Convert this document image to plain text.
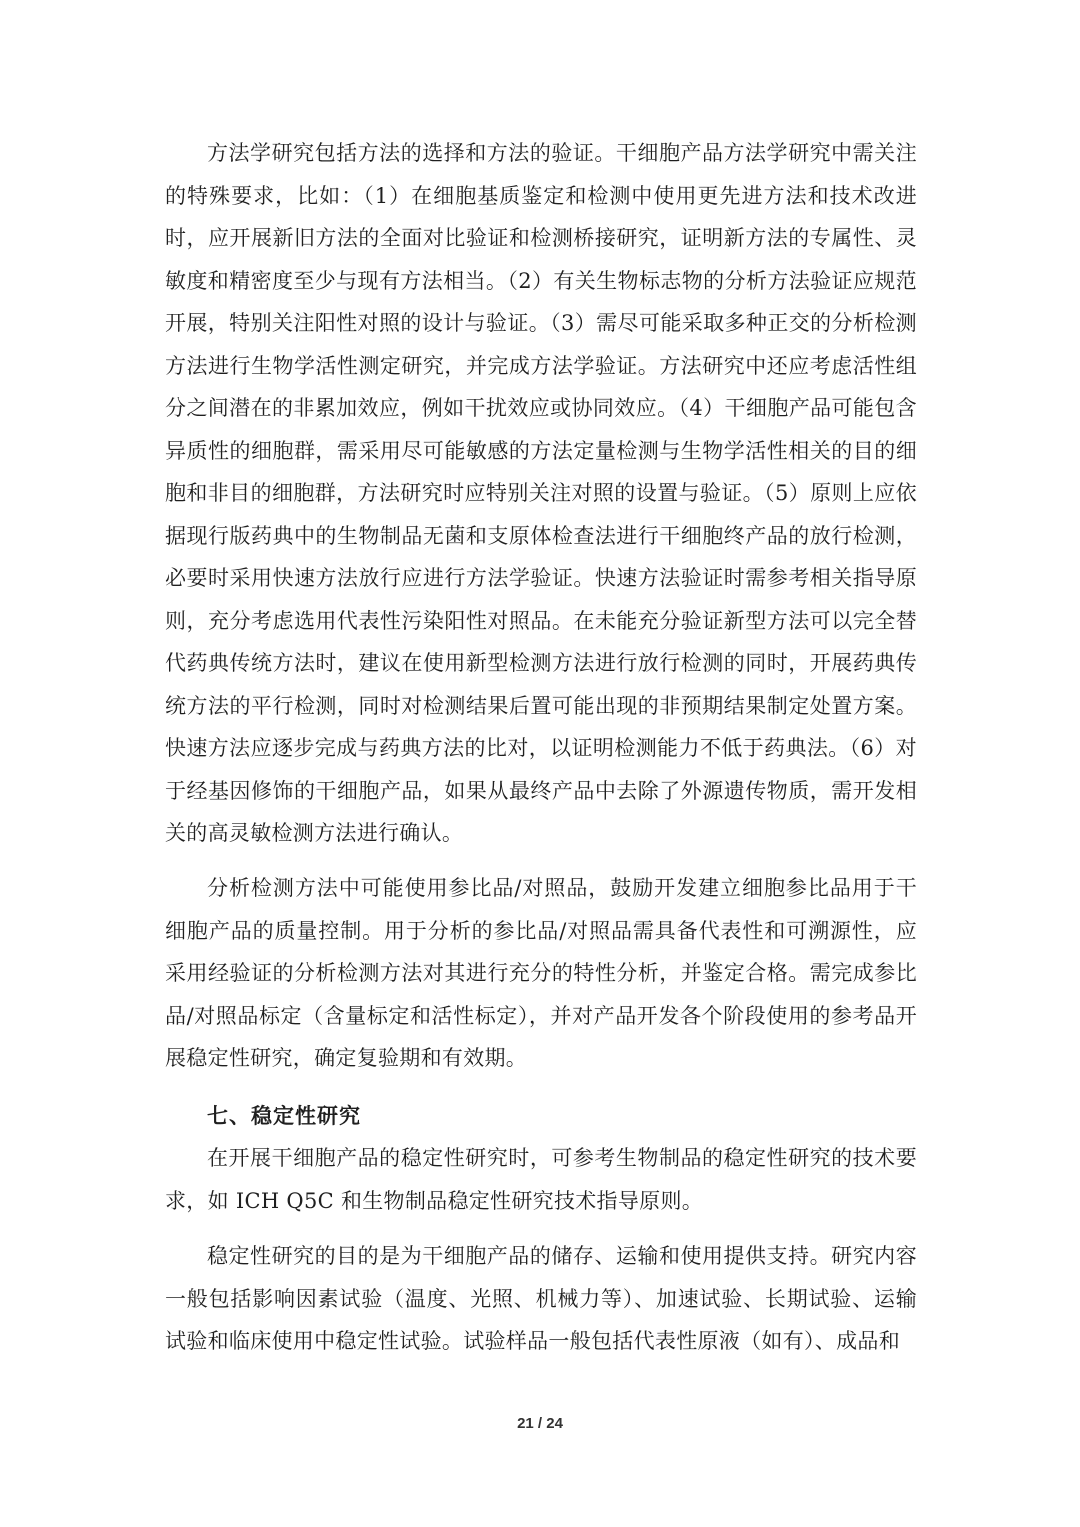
方法学研究包括方法的选择和方法的验证。干细胞产品方法学研究中需关注的特殊要求，比如：（1）在细胞基质鉴定和检测中使用更先进方法和技术改进时，应开展新旧方法的全面对比验证和检测桥接研究，证明新方法的专属性、灵敏度和精密度至少与现有方法相当。（2）有关生物标志物的分析方法验证应规范开展，特别关注阳性对照的设计与验证。（3）需尽可能采取多种正交的分析检测方法进行生物学活性测定研究，并完成方法学验证。方法研究中还应考虑活性组分之间潜在的非累加效应，例如干扰效应或协同效应。（4）干细胞产品可能包含异质性的细胞群，需采用尽可能敏感的方法定量检测与生物学活性相关的目的细胞和非目的细胞群，方法研究时应特别关注对照的设置与验证。（5）原则上应依据现行版药典中的生物制品无菌和支原体检查法进行干细胞终产品的放行检测，必要时采用快速方法放行应进行方法学验证。快速方法验证时需参考相关指导原则，充分考虑选用代表性污染阳性对照品。在未能充分验证新型方法可以完全替代药典传统方法时，建议在使用新型检测方法进行放行检测的同时，开展药典传统方法的平行检测，同时对检测结果后置可能出现的非预期结果制定处置方案。快速方法应逐步完成与药典方法的比对，以证明检测能力不低于药典法。（6）对于经基因修饰的干细胞产品，如果从最终产品中去除了外源遗传物质，需开发相关的高灵敏检测方法进行确认。

分析检测方法中可能使用参比品/对照品，鼓励开发建立细胞参比品用于干细胞产品的质量控制。用于分析的参比品/对照品需具备代表性和可溯源性，应采用经验证的分析检测方法对其进行充分的特性分析，并鉴定合格。需完成参比品/对照品标定（含量标定和活性标定），并对产品开发各个阶段使用的参考品开展稳定性研究，确定复验期和有效期。

七、稳定性研究

在开展干细胞产品的稳定性研究时，可参考生物制品的稳定性研究的技术要求，如 ICH Q5C 和生物制品稳定性研究技术指导原则。

稳定性研究的目的是为干细胞产品的储存、运输和使用提供支持。研究内容一般包括影响因素试验（温度、光照、机械力等）、加速试验、长期试验、运输试验和临床使用中稳定性试验。试验样品一般包括代表性原液（如有）、成品和

21 / 24
